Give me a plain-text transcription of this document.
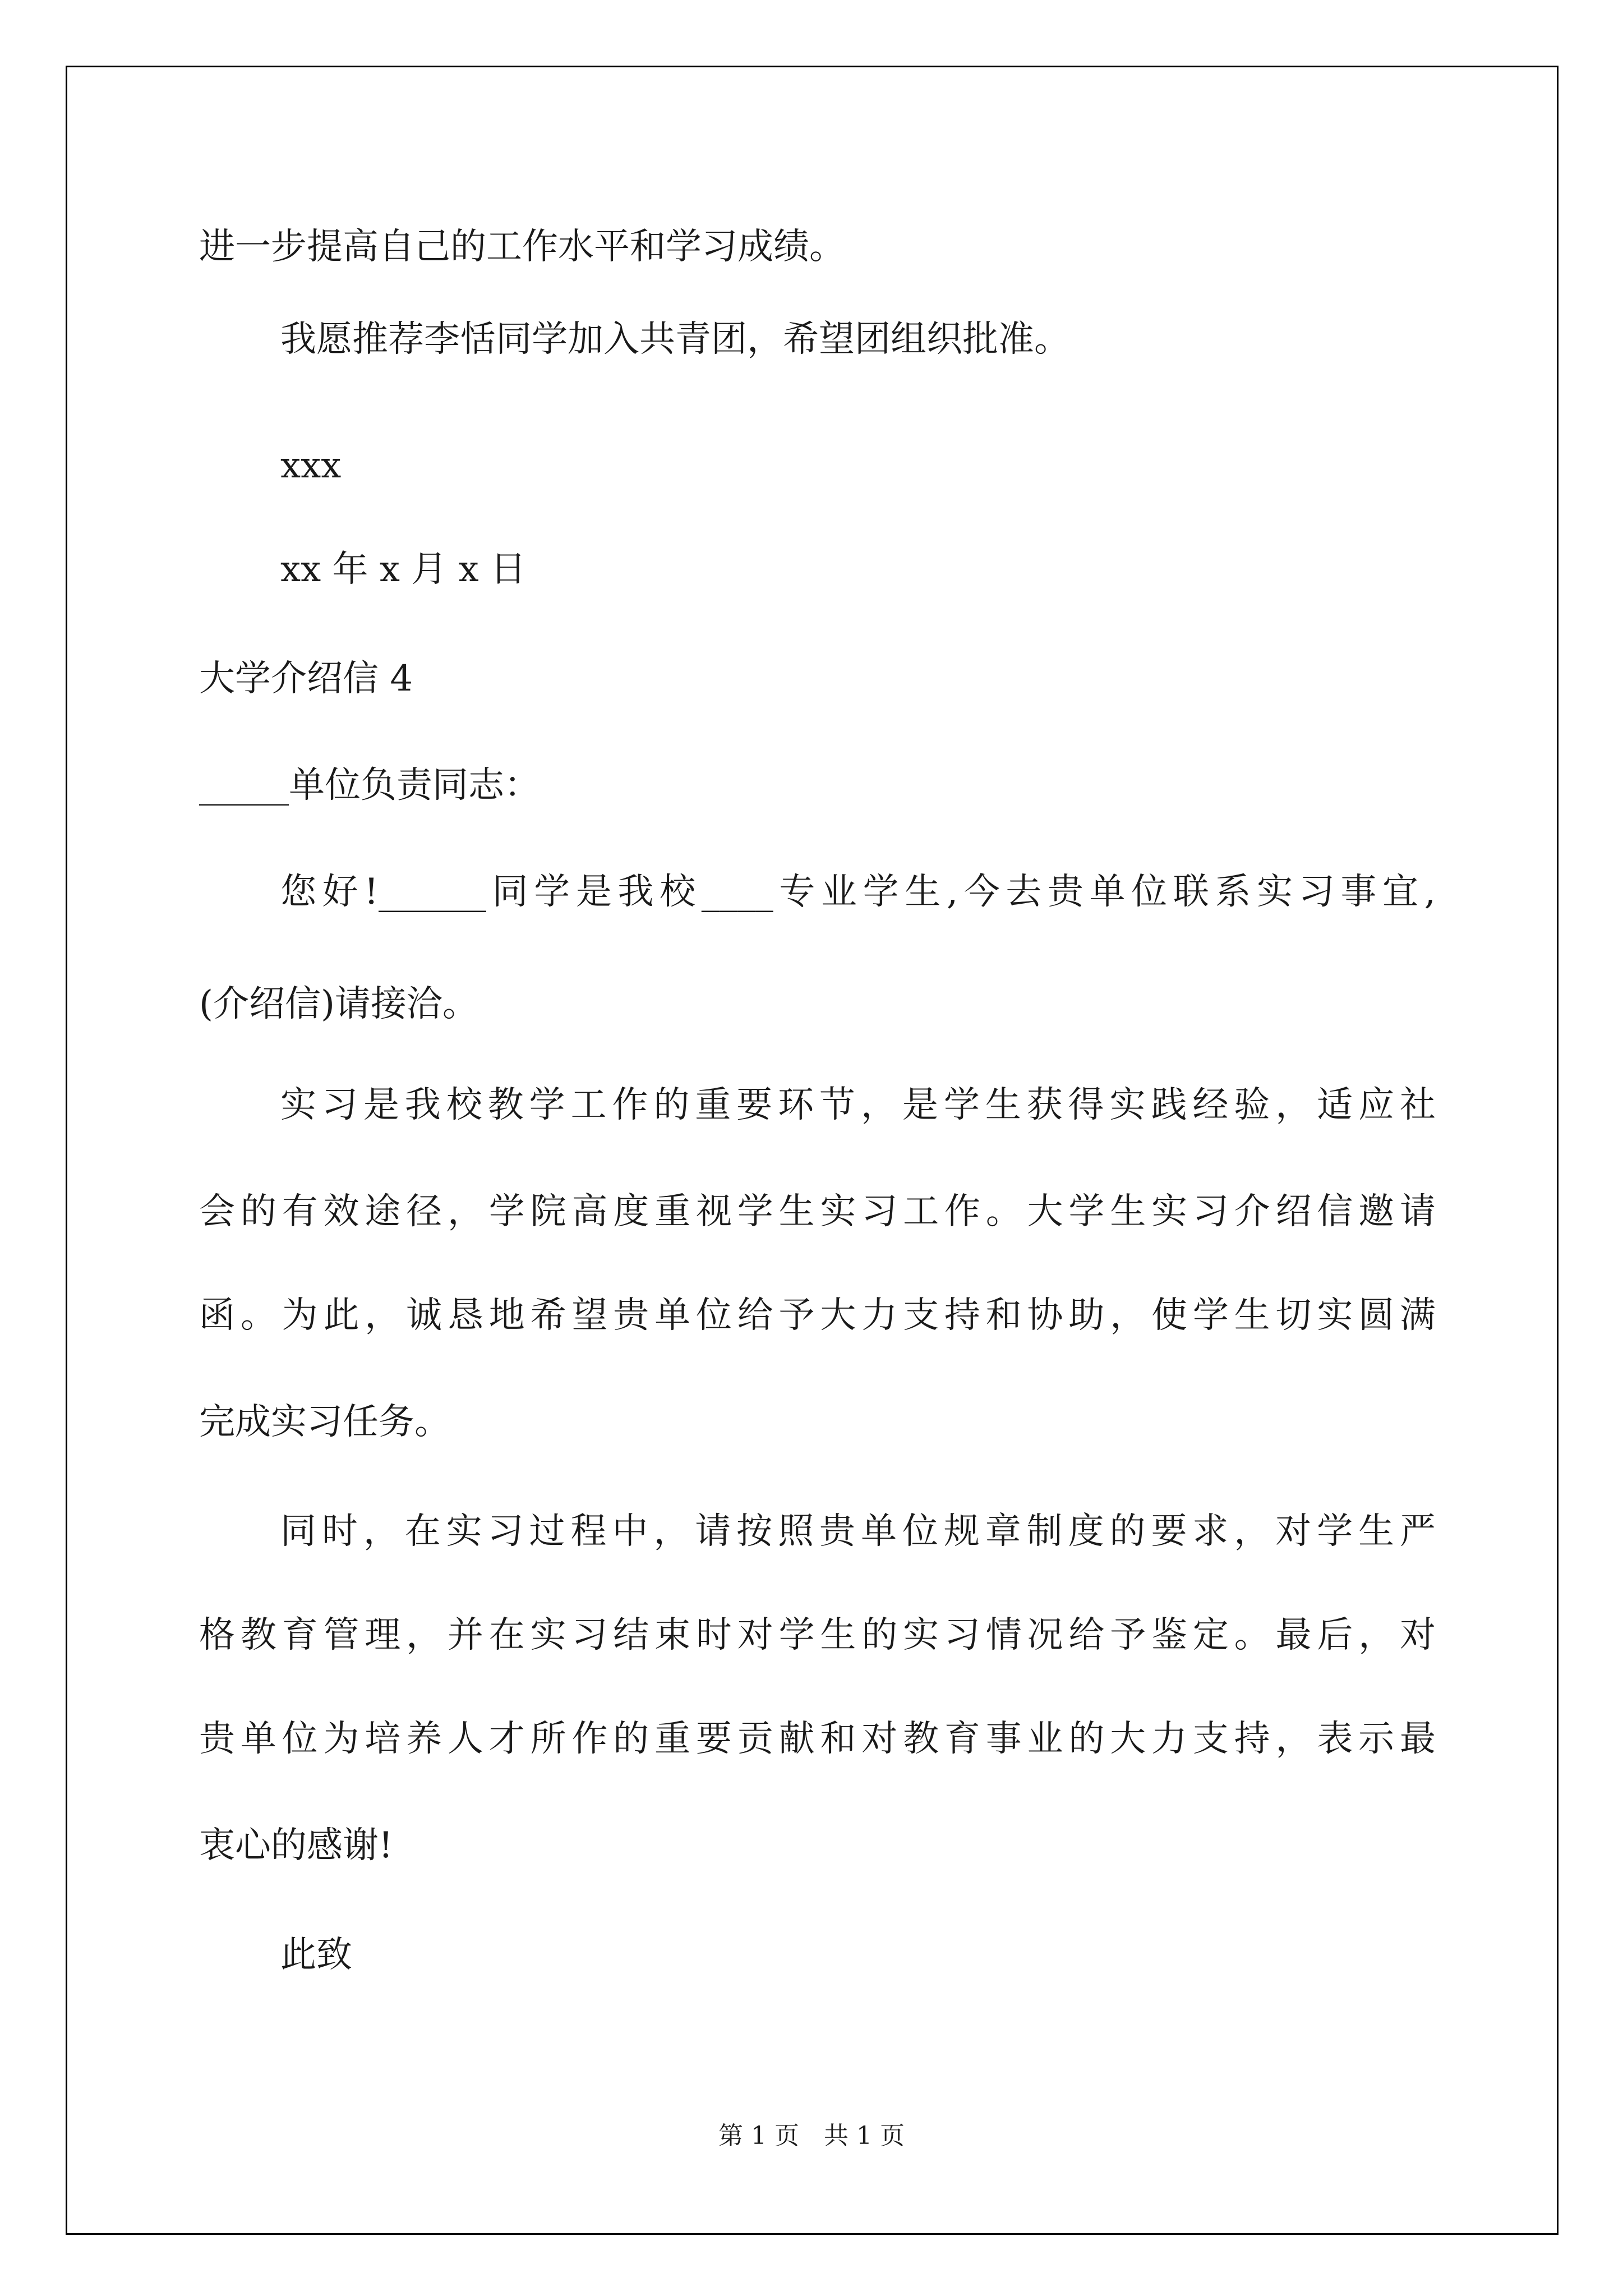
进一步提高自己的工作水平和学习成绩。
我愿推荐李恬同学加入共青团，希望团组织批准。
xxx
xx 年 x 月 x 日
大学介绍信 4
_____单位负责同志：
您好!______同学是我校____专业学生,今去贵单位联系实习事宜,
(介绍信)请接洽。
实习是我校教学工作的重要环节，是学生获得实践经验，适应社
会的有效途径，学院高度重视学生实习工作。大学生实习介绍信邀请
函。为此，诚恳地希望贵单位给予大力支持和协助，使学生切实圆满
完成实习任务。
同时，在实习过程中，请按照贵单位规章制度的要求，对学生严
格教育管理，并在实习结束时对学生的实习情况给予鉴定。最后，对
贵单位为培养人才所作的重要贡献和对教育事业的大力支持，表示最
衷心的感谢!
此致
第 1 页　共 1 页
